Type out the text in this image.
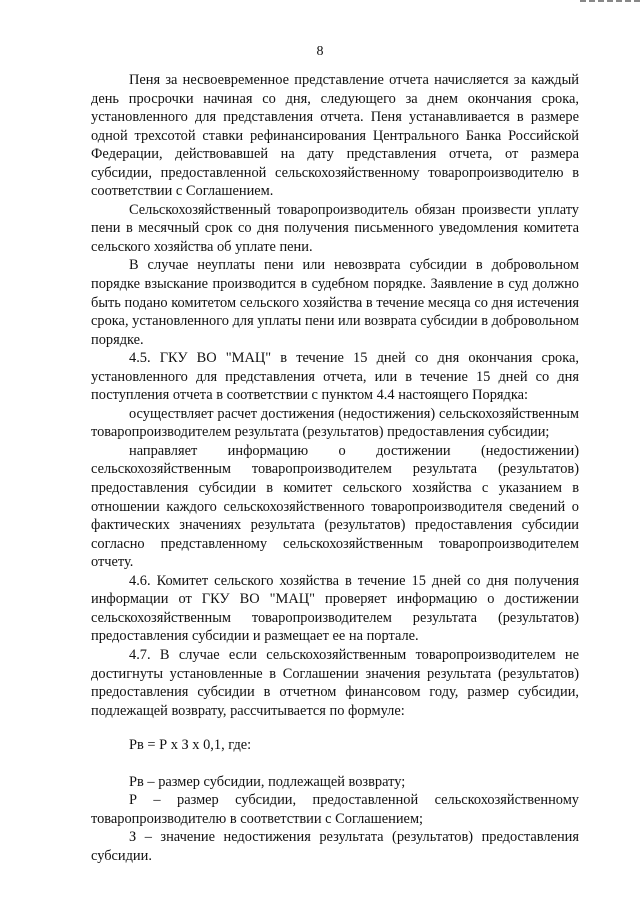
8

Пеня за несвоевременное представление отчета начисляется за каждый день просрочки начиная со дня, следующего за днем окончания срока, установленного для представления отчета. Пеня устанавливается в размере одной трехсотой ставки рефинансирования Центрального Банка Российской Федерации, действовавшей на дату представления отчета, от размера субсидии, предоставленной сельскохозяйственному товаропроизводителю в соответствии с Соглашением.

Сельскохозяйственный товаропроизводитель обязан произвести уплату пени в месячный срок со дня получения письменного уведомления комитета сельского хозяйства об уплате пени.

В случае неуплаты пени или невозврата субсидии в добровольном порядке взыскание производится в судебном порядке. Заявление в суд должно быть подано комитетом сельского хозяйства в течение месяца со дня истечения срока, установленного для уплаты пени или возврата субсидии в добровольном порядке.

4.5. ГКУ ВО "МАЦ" в течение 15 дней со дня окончания срока, установленного для представления отчета, или в течение 15 дней со дня поступления отчета в соответствии с пунктом 4.4 настоящего Порядка:

осуществляет расчет достижения (недостижения) сельскохозяйственным товаропроизводителем результата (результатов) предоставления субсидии;

направляет информацию о достижении (недостижении) сельскохозяйственным товаропроизводителем результата (результатов) предоставления субсидии в комитет сельского хозяйства с указанием в отношении каждого сельскохозяйственного товаропроизводителя сведений о фактических значениях результата (результатов) предоставления субсидии согласно представленному сельскохозяйственным товаропроизводителем отчету.

4.6. Комитет сельского хозяйства в течение 15 дней со дня получения информации от ГКУ ВО "МАЦ" проверяет информацию о достижении сельскохозяйственным товаропроизводителем результата (результатов) предоставления субсидии и размещает ее на портале.

4.7. В случае если сельскохозяйственным товаропроизводителем не достигнуты установленные в Соглашении значения результата (результатов) предоставления субсидии в отчетном финансовом году, размер субсидии, подлежащей возврату, рассчитывается по формуле:

Рв = Р х З х 0,1, где:

Рв – размер субсидии, подлежащей возврату;

Р – размер субсидии, предоставленной сельскохозяйственному товаропроизводителю в соответствии с Соглашением;

З – значение недостижения результата (результатов) предоставления субсидии.
